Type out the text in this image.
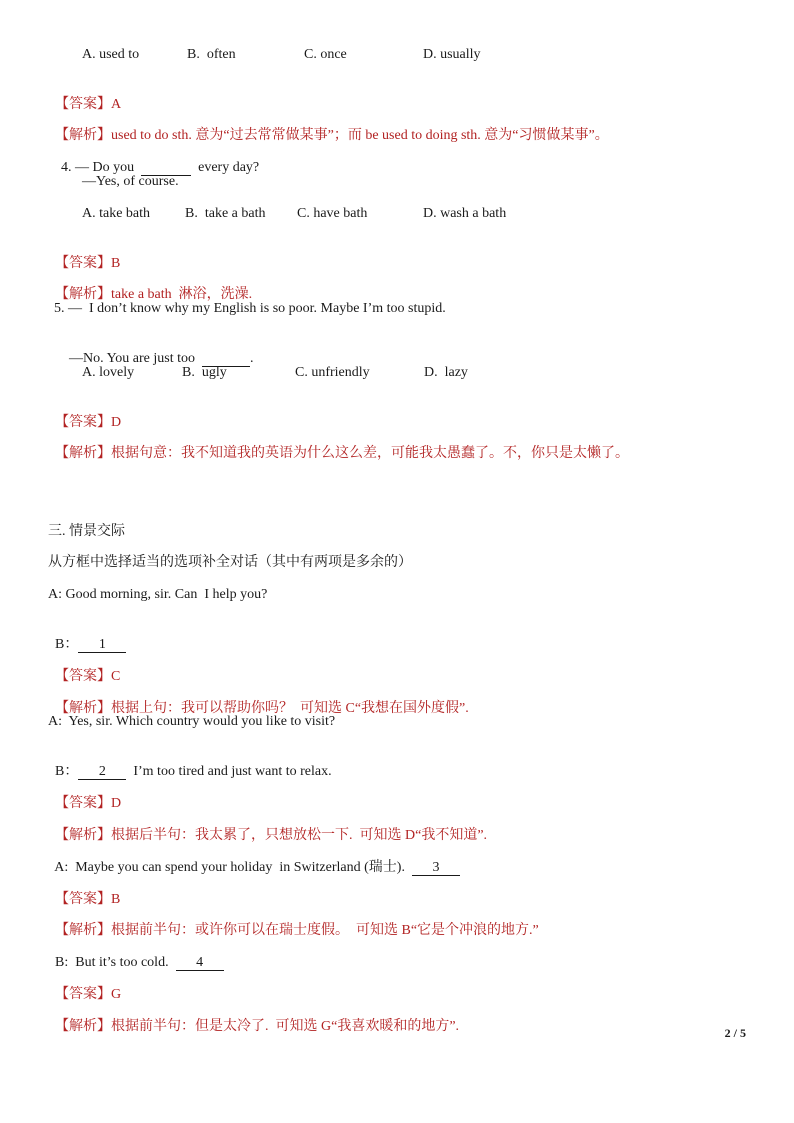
A. used to	B.  often	C. once	D. usually

【答案】A

【解析】used to do sth. 意为“过去常常做某事”；而 be used to doing sth. 意为“习惯做某事”。

4. — Do you	every day?

—Yes, of course.
A. take bath B.  take a bath C. have bath	D. wash a bath

【答案】B

【解析】take a bath  淋浴，洗澡.

5. —  I don’t know why my English is so poor. Maybe I’m too stupid.

—No. You are just too	.

A. lovely	B.  ugly	C. unfriendly	D.  lazy

【答案】D

【解析】根据句意：我不知道我的英语为什么这么差，可能我太愚蠢了。不，你只是太懒了。

三. 情景交际
从方框中选择适当的选项补全对话（其中有两项是多余的）
A: Good morning, sir. Can  I help you?

B： 1

【答案】C

【解析】根据上句：我可以帮助你吗？  可知选 C“我想在国外度假”.

A:  Yes, sir. Which country would you like to visit?

B： 2 I’m too tired and just want to relax.

【答案】D

【解析】根据后半句：我太累了，只想放松一下.  可知选 D“我不知道”.

A:  Maybe you can spend your holiday  in Switzerland (瑞士). 3

【答案】B

【解析】根据前半句：或许你可以在瑞士度假。  可知选 B“它是个冲浪的地方.”

B:  But it’s too cold. 4

【答案】G

【解析】根据前半句：但是太冷了.  可知选 G“我喜欢暖和的地方”.	2 / 5
